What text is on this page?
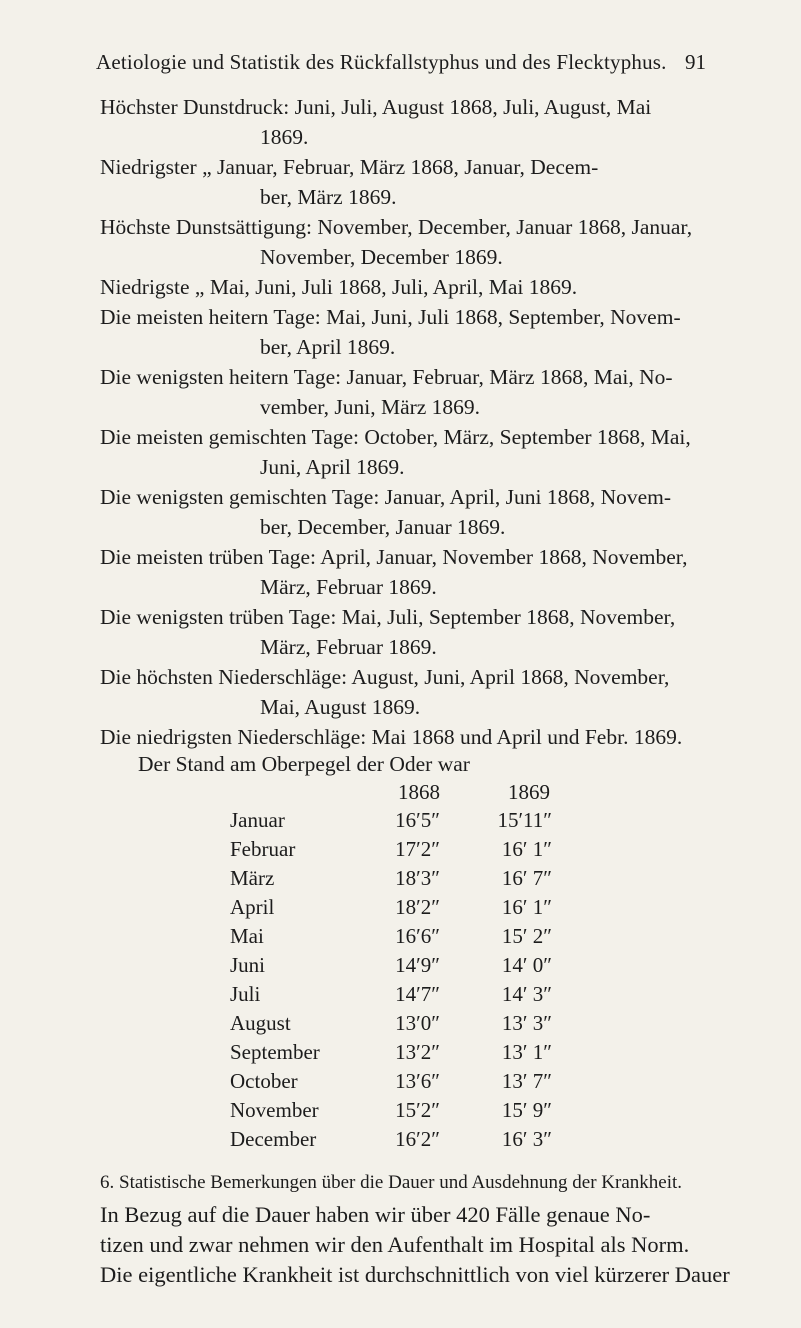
Aetiologie und Statistik des Rückfallstyphus und des Flecktyphus. 91
Höchster Dunstdruck: Juni, Juli, August 1868, Juli, August, Mai
1869.
Niedrigster „ Januar, Februar, März 1868, Januar, Decem-
ber, März 1869.
Höchste Dunstsättigung: November, December, Januar 1868, Januar,
November, December 1869.
Niedrigste „ Mai, Juni, Juli 1868, Juli, April, Mai 1869.
Die meisten heitern Tage: Mai, Juni, Juli 1868, September, Novem-
ber, April 1869.
Die wenigsten heitern Tage: Januar, Februar, März 1868, Mai, No-
vember, Juni, März 1869.
Die meisten gemischten Tage: October, März, September 1868, Mai,
Juni, April 1869.
Die wenigsten gemischten Tage: Januar, April, Juni 1868, Novem-
ber, December, Januar 1869.
Die meisten trüben Tage: April, Januar, November 1868, November,
März, Februar 1869.
Die wenigsten trüben Tage: Mai, Juli, September 1868, November,
März, Februar 1869.
Die höchsten Niederschläge: August, Juni, April 1868, November,
Mai, August 1869.
Die niedrigsten Niederschläge: Mai 1868 und April und Febr. 1869.
Der Stand am Oberpegel der Oder war
1868	1869
Januar	16′5″	15′11″
Februar	17′2″	16′ 1″
März	18′3″	16′ 7″
April	18′2″	16′ 1″
Mai	16′6″	15′ 2″
Juni	14′9″	14′ 0″
Juli	14′7″	14′ 3″
August	13′0″	13′ 3″
September	13′2″	13′ 1″
October	13′6″	13′ 7″
November	15′2″	15′ 9″
December	16′2″	16′ 3″
6. Statistische Bemerkungen über die Dauer und Ausdehnung der Krankheit.
In Bezug auf die Dauer haben wir über 420 Fälle genaue No-
tizen und zwar nehmen wir den Aufenthalt im Hospital als Norm.
Die eigentliche Krankheit ist durchschnittlich von viel kürzerer Dauer
